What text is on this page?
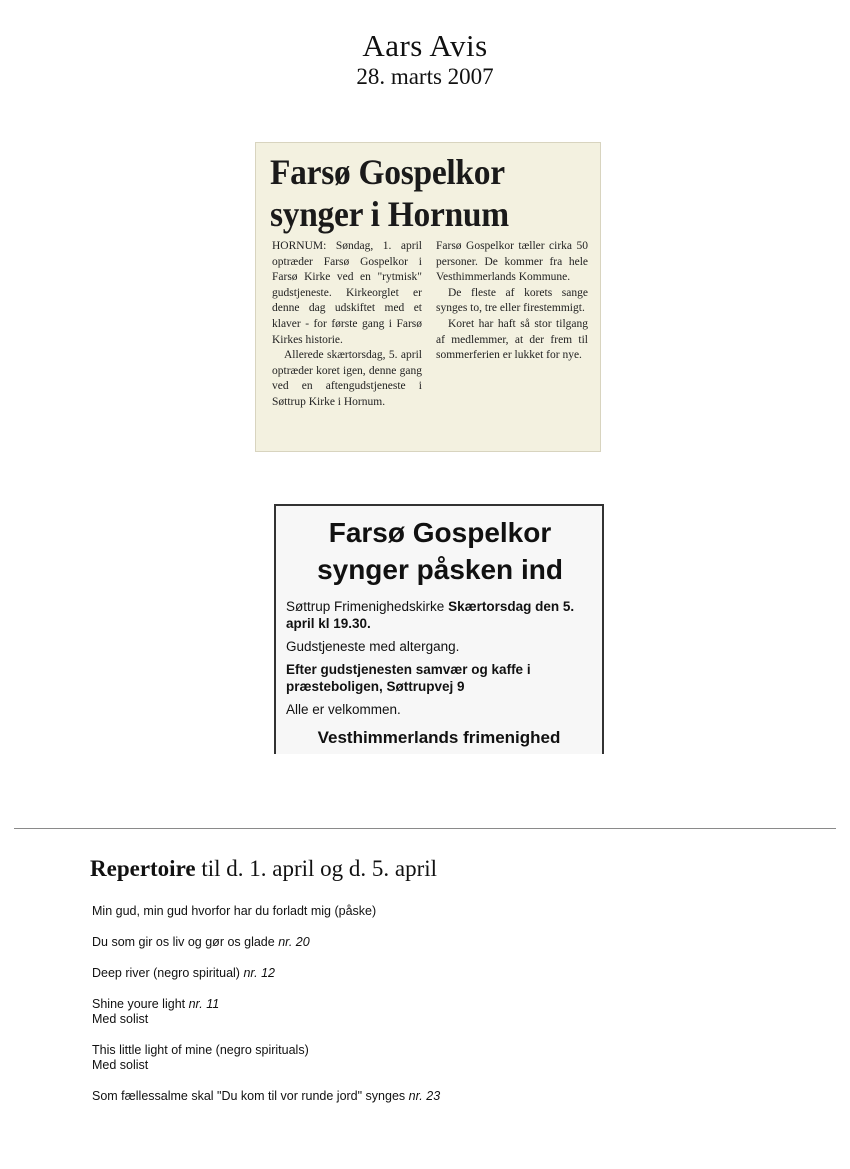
Aars Avis
28. marts 2007
Farsø Gospelkor synger i Hornum

HORNUM: Søndag, 1. april optræder Farsø Gospelkor i Farsø Kirke ved en "rytmisk" gudstjeneste. Kirkeorglet er denne dag udskiftet med et klaver - for første gang i Farsø Kirkes historie.

Allerede skærtorsdag, 5. april optræder koret igen, denne gang ved en aftengudstjeneste i Søttrup Kirke i Hornum.

Farsø Gospelkor tæller cirka 50 personer. De kommer fra hele Vesthimmerlands Kommune.

De fleste af korets sange synges to, tre eller firestemmigt.

Koret har haft så stor tilgang af medlemmer, at der frem til sommerferien er lukket for nye.

Farsø Gospelkor synger påsken ind
Søttrup Frimenighedskirke Skærtorsdag den 5. april kl 19.30.
Gudstjeneste med altergang.
Efter gudstjenesten samvær og kaffe i præsteboligen, Søttrupvej 9
Alle er velkommen.
Vesthimmerlands frimenighed
Repertoire til d. 1. april og d. 5. april
Min gud, min gud hvorfor har du forladt mig (påske)
Du som gir os liv og gør os glade nr. 20
Deep river (negro spiritual) nr. 12
Shine youre light nr. 11
Med solist
This little light of mine (negro spirituals)
Med solist
Som fællessalme skal "Du kom til vor runde jord" synges nr. 23
